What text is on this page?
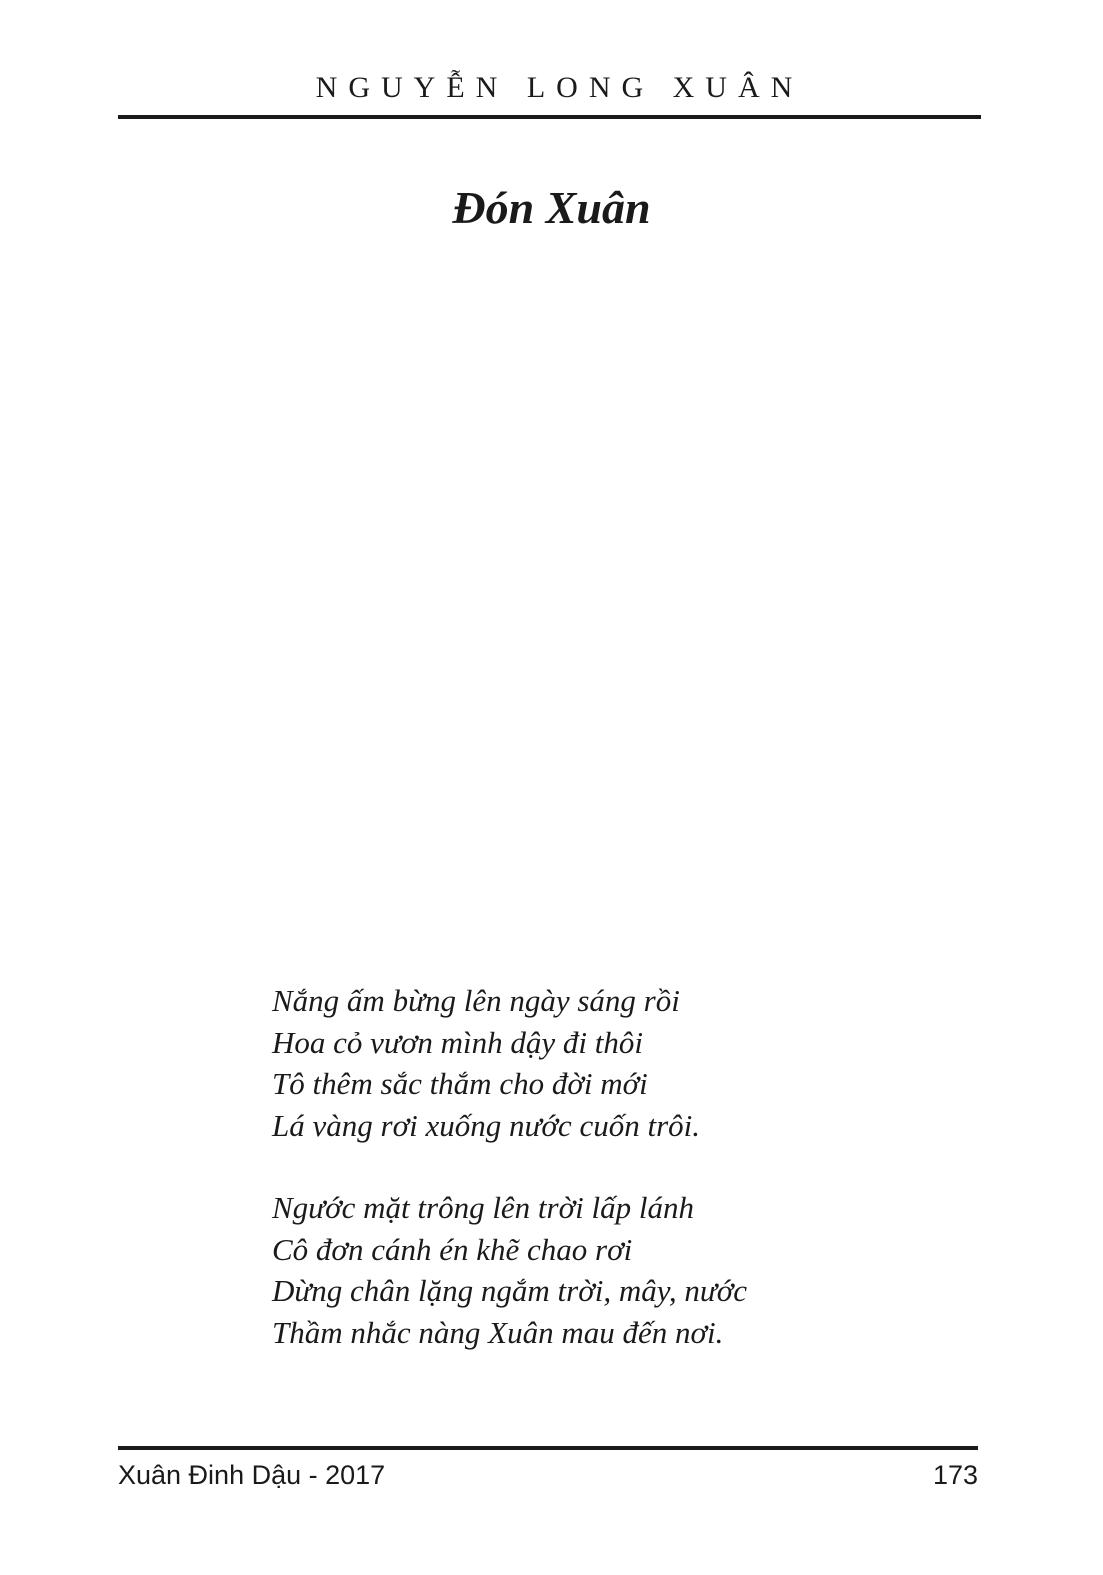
NGUYỄN LONG XUÂN
Đón Xuân
Nắng ấm bừng lên ngày sáng rồi
Hoa cỏ vươn mình dậy đi thôi
Tô thêm sắc thắm cho đời mới
Lá vàng rơi xuống nước cuốn trôi.
Ngước mặt trông lên trời lấp lánh
Cô đơn cánh én khẽ chao rơi
Dừng chân lặng ngắm trời, mây, nước
Thầm nhắc nàng Xuân mau đến nơi.
Xuân Đinh Dậu - 2017	173
